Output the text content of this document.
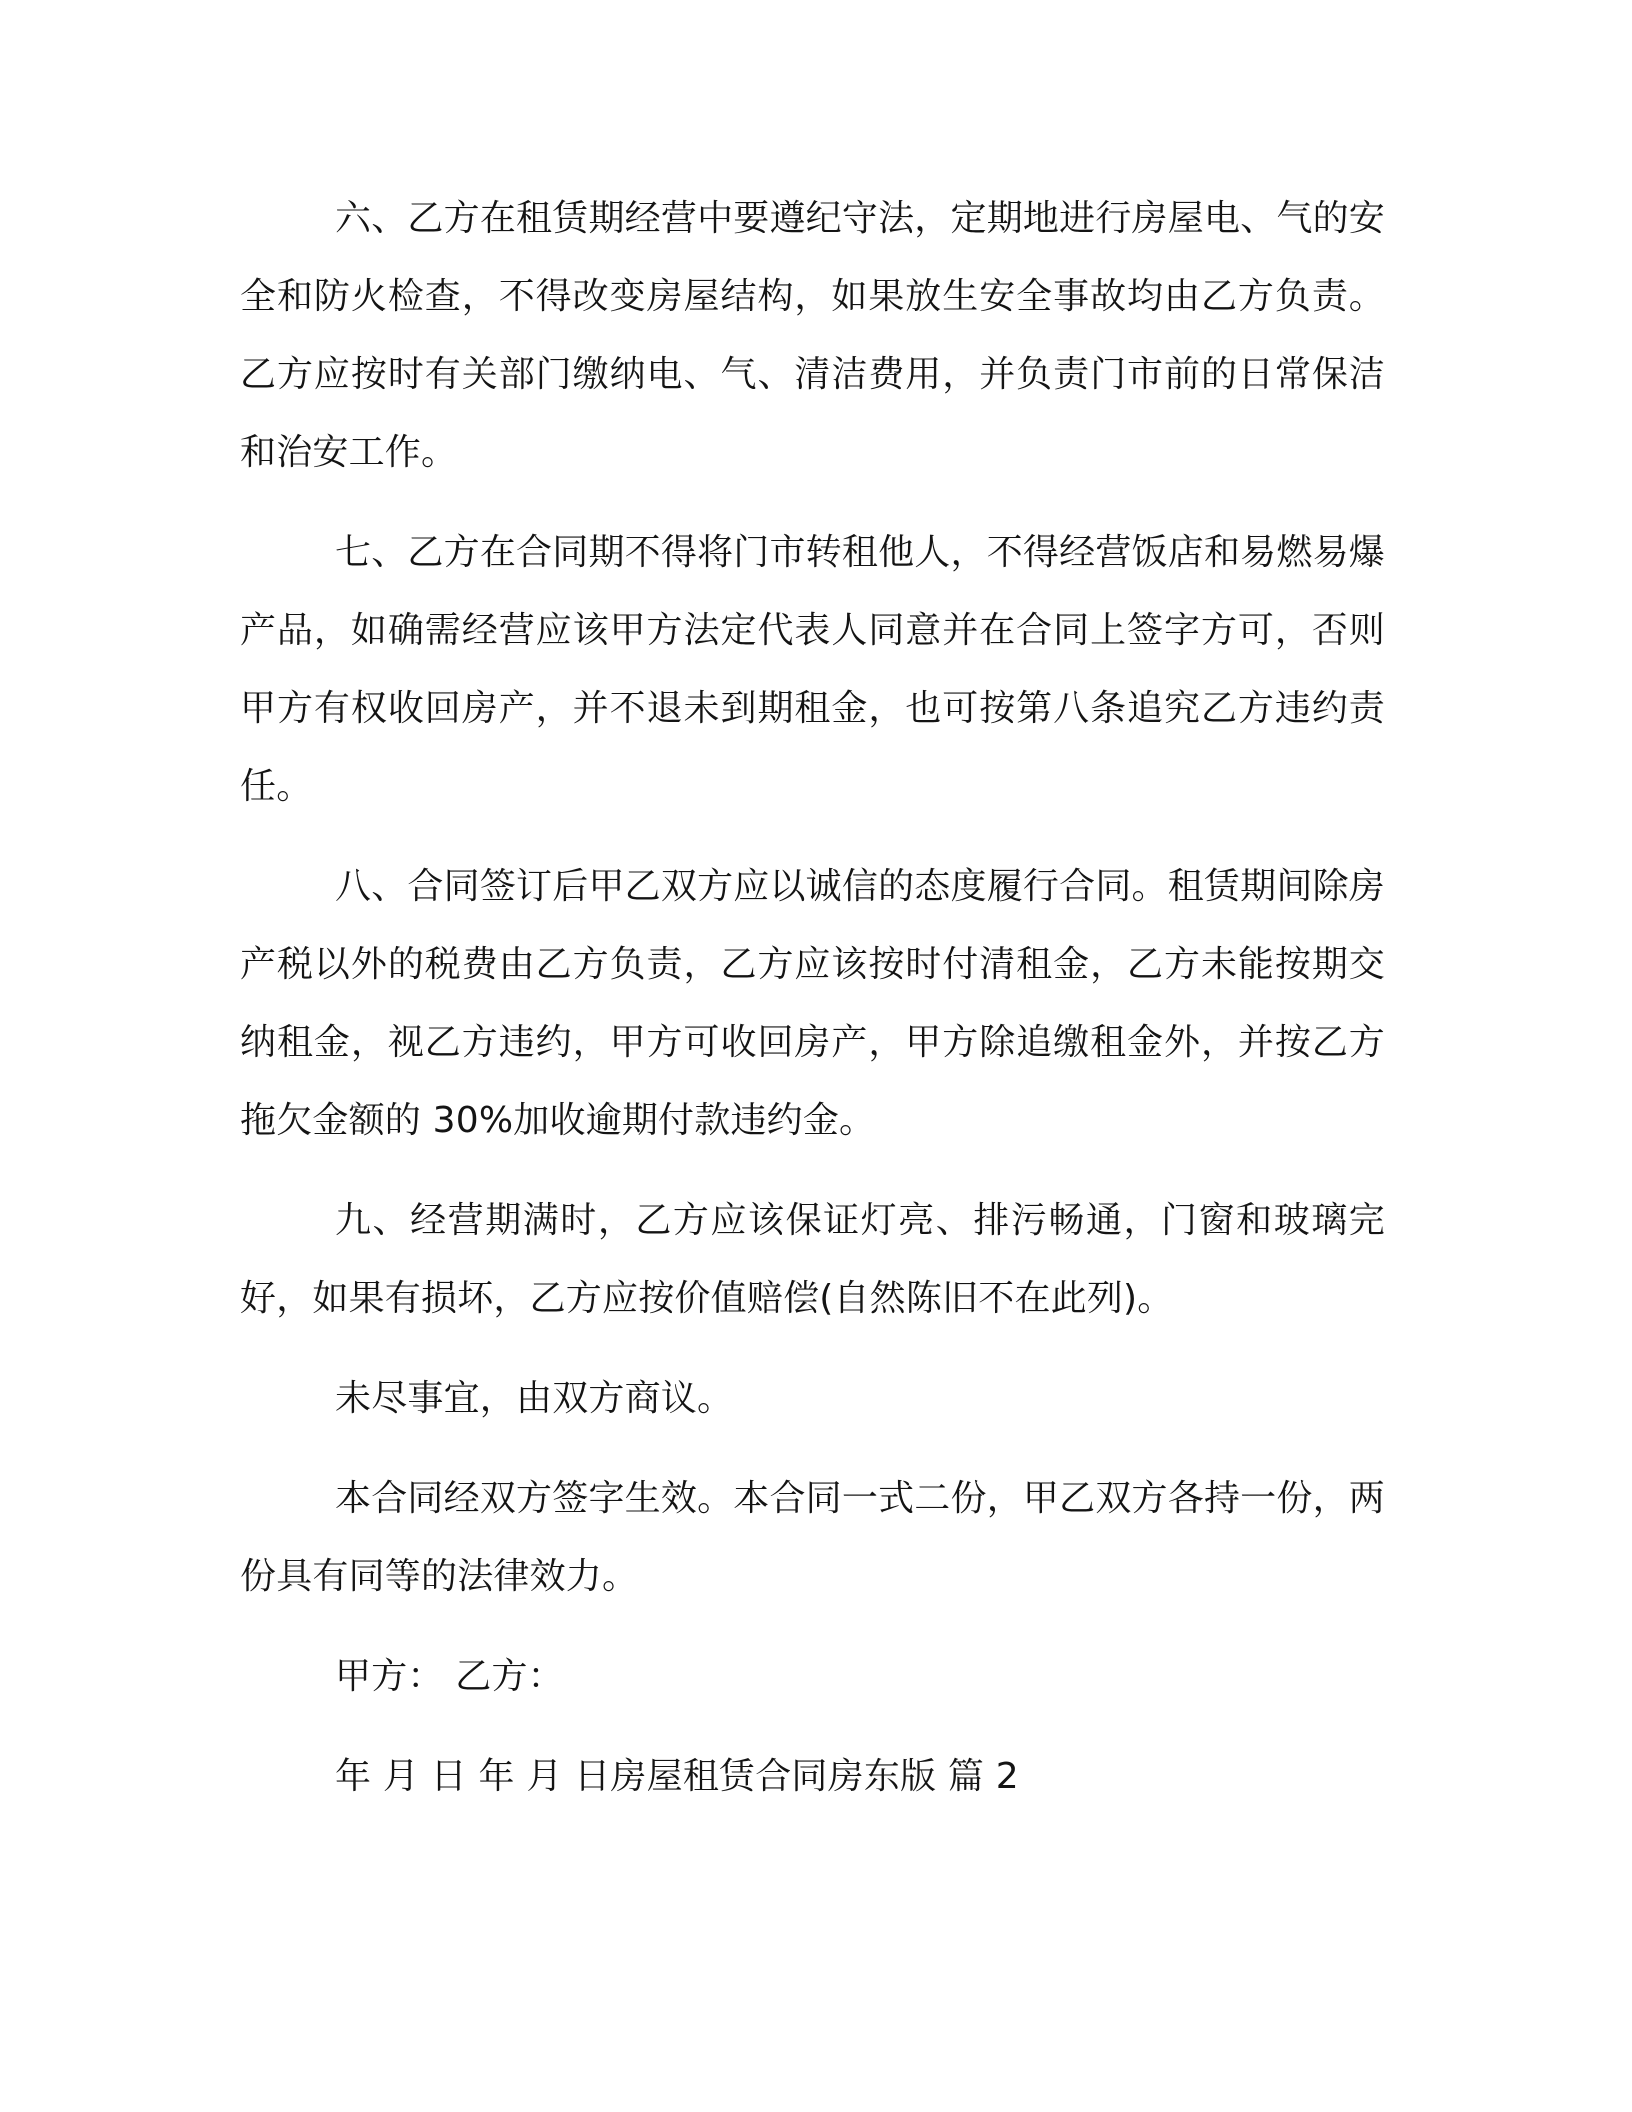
六、乙方在租赁期经营中要遵纪守法，定期地进行房屋电、气的安全和防火检查，不得改变房屋结构，如果放生安全事故均由乙方负责。乙方应按时有关部门缴纳电、气、清洁费用，并负责门市前的日常保洁和治安工作。

七、乙方在合同期不得将门市转租他人，不得经营饭店和易燃易爆产品，如确需经营应该甲方法定代表人同意并在合同上签字方可，否则甲方有权收回房产，并不退未到期租金，也可按第八条追究乙方违约责任。

八、合同签订后甲乙双方应以诚信的态度履行合同。租赁期间除房产税以外的税费由乙方负责，乙方应该按时付清租金，乙方未能按期交纳租金，视乙方违约，甲方可收回房产，甲方除追缴租金外，并按乙方拖欠金额的 30%加收逾期付款违约金。

九、经营期满时，乙方应该保证灯亮、排污畅通，门窗和玻璃完好，如果有损坏，乙方应按价值赔偿(自然陈旧不在此列)。

未尽事宜，由双方商议。

本合同经双方签字生效。本合同一式二份，甲乙双方各持一份，两份具有同等的法律效力。

甲方： 乙方：

年 月 日 年 月 日房屋租赁合同房东版 篇 2
